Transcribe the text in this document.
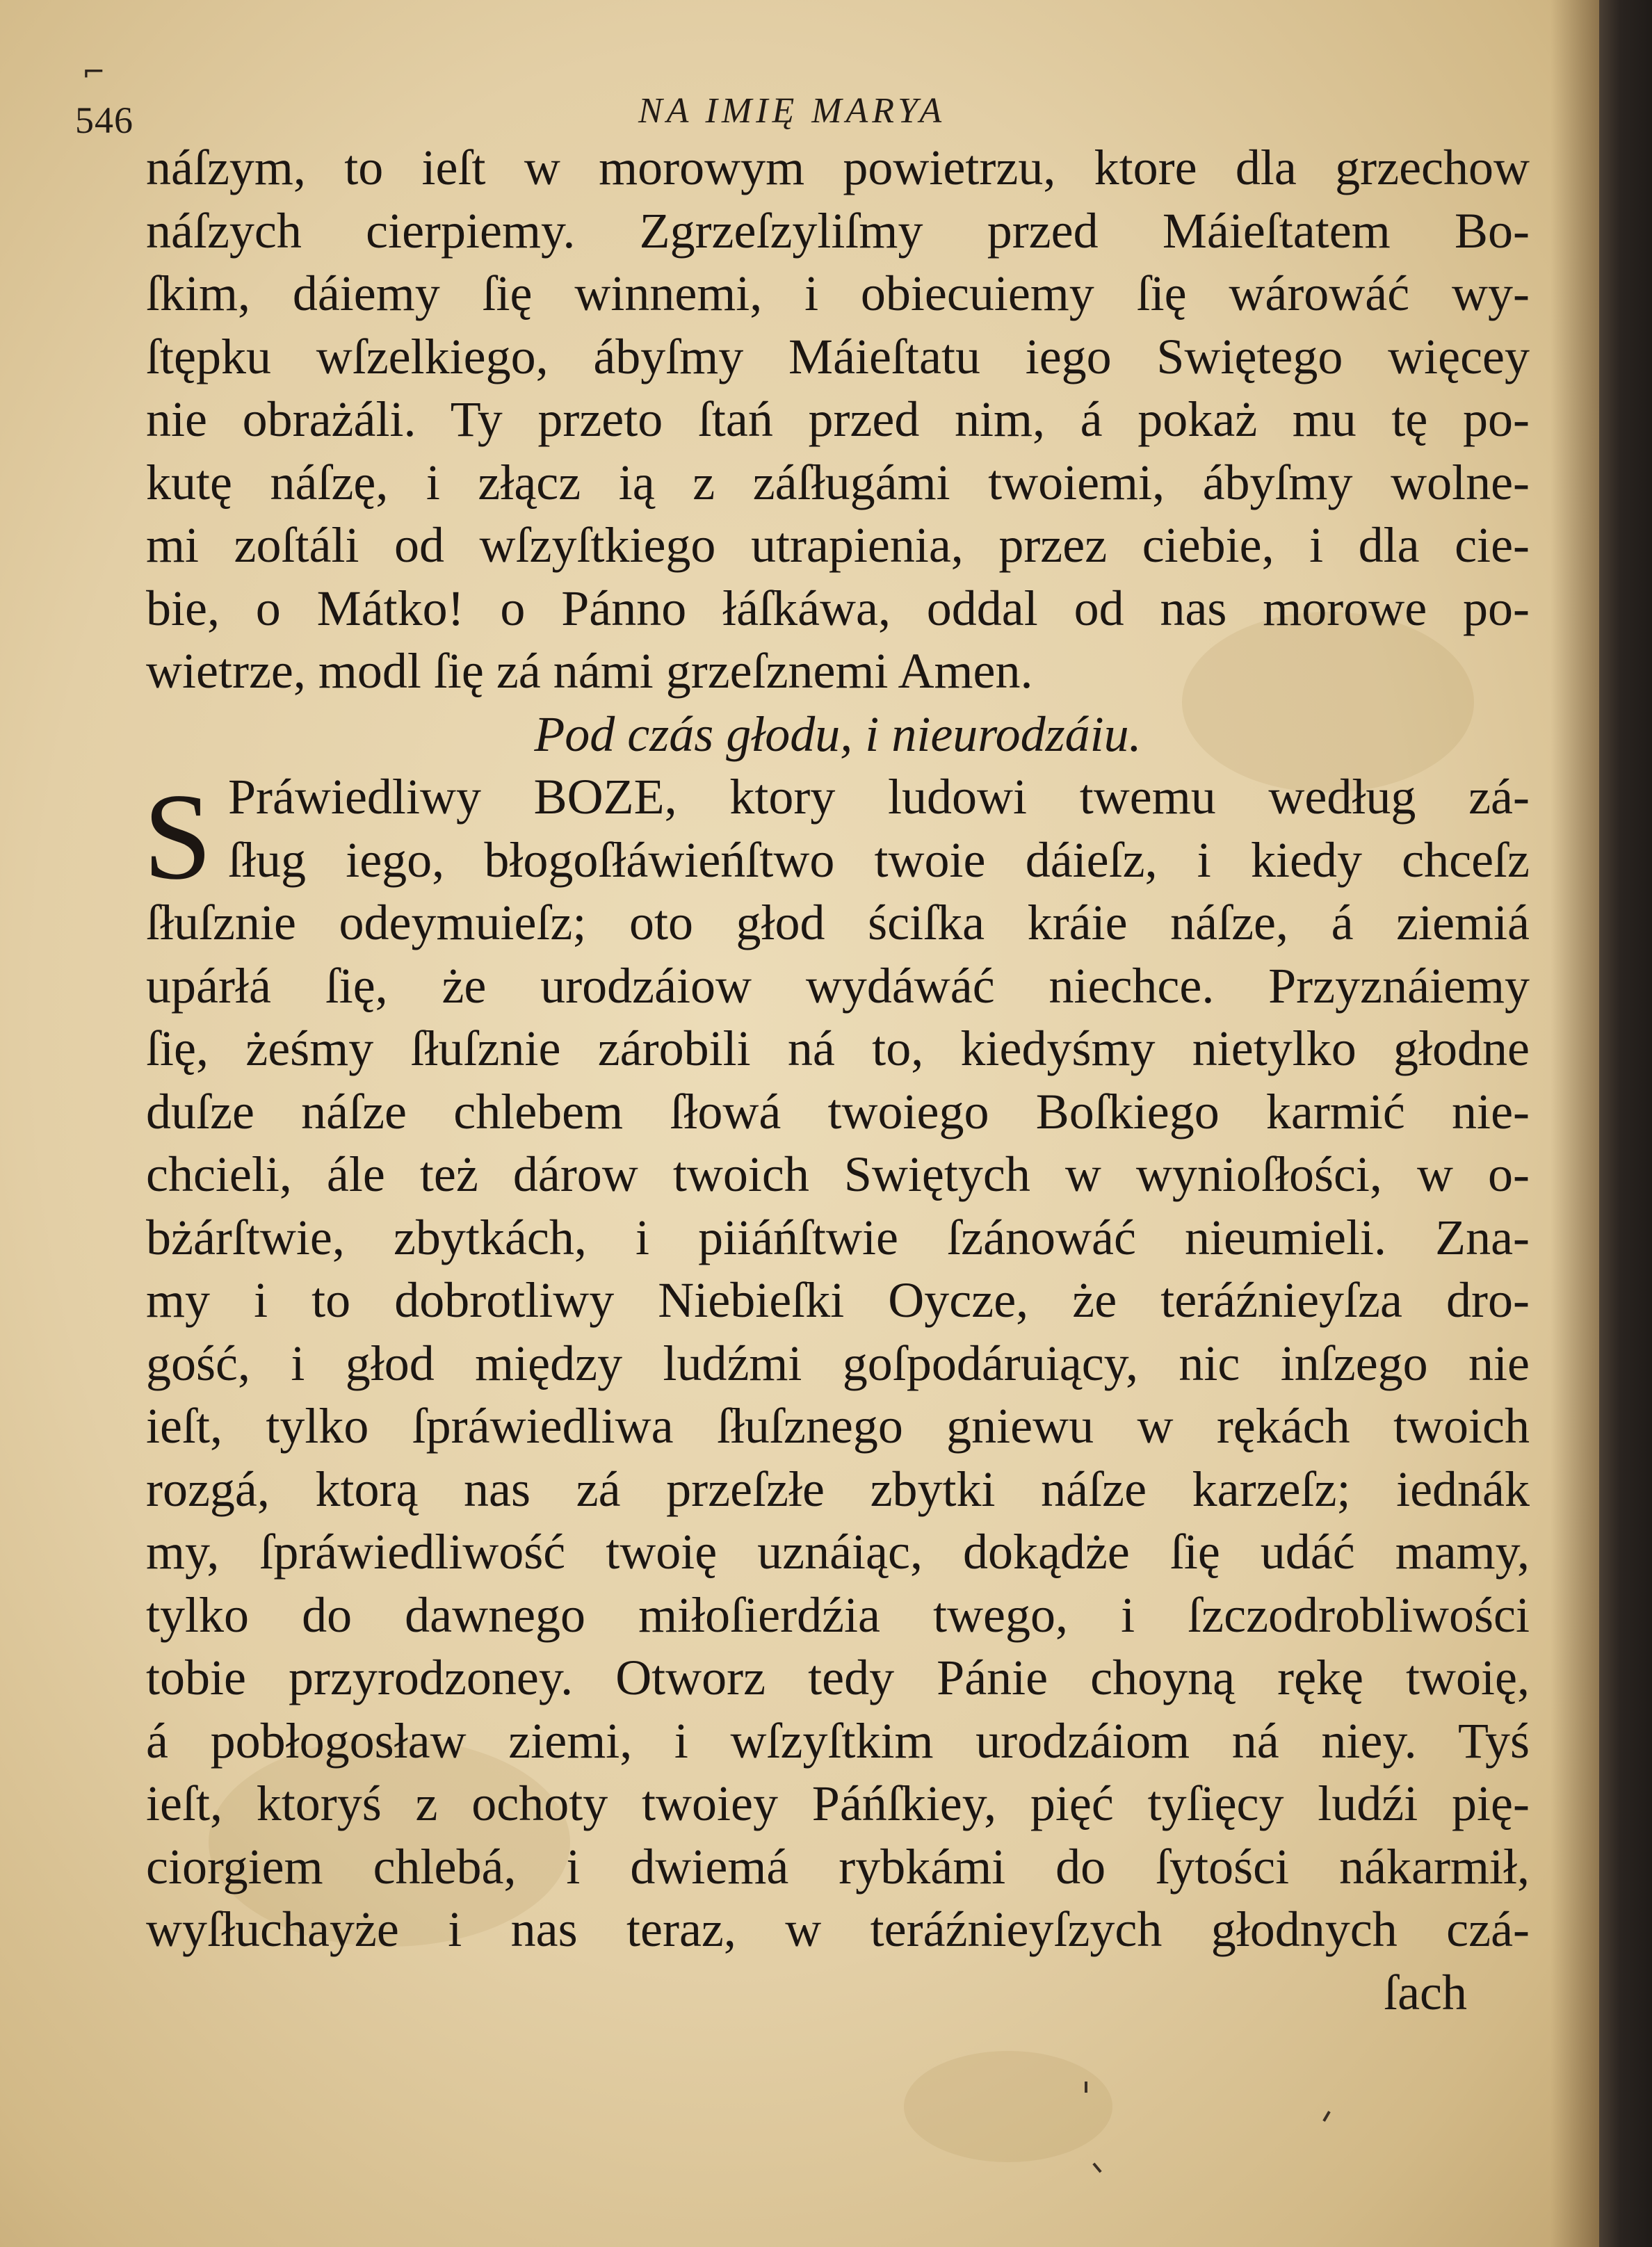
⌐
546	NA IMIĘ MARYA
náſzym, to ieſt w morowym powietrzu, ktore dla grzechow
náſzych cierpiemy. Zgrzeſzyliſmy przed Máieſtatem Bo-
ſkim, dáiemy ſię winnemi, i obiecuiemy ſię wárowáć wy-
ſtępku wſzelkiego, ábyſmy Máieſtatu iego Swiętego więcey
nie obrażáli. Ty przeto ſtań przed nim, á pokaż mu tę po-
kutę náſzę, i złącz ią z záſługámi twoiemi, ábyſmy wolne-
mi zoſtáli od wſzyſtkiego utrapienia, przez ciebie, i dla cie-
bie, o Mátko! o Pánno łáſkáwa, oddal od nas morowe po-
wietrze, modl ſię zá námi grzeſznemi Amen.
Pod czás głodu, i nieurodzáiu.
Práwiedliwy BOZE, ktory ludowi twemu według zá-
ſług iego, błogoſłáwieńſtwo twoie dáieſz, i kiedy chceſz
ſłuſznie odeymuieſz; oto głod ściſka kráie náſze, á ziemiá
upárłá ſię, że urodzáiow wydáwáć niechce. Przyznáiemy
ſię, żeśmy ſłuſznie zárobili ná to, kiedyśmy nietylko głodne
duſze náſze chlebem ſłowá twoiego Boſkiego karmić nie-
chcieli, ále też dárow twoich Swiętych w wynioſłości, w o-
bżárſtwie, zbytkách, i piiáńſtwie ſzánowáć nieumieli. Zna-
my i to dobrotliwy Niebieſki Oycze, że teráźnieyſza dro-
gość, i głod między ludźmi goſpodáruiący, nic inſzego nie
ieſt, tylko ſpráwiedliwa ſłuſznego gniewu w rękách twoich
rozgá, ktorą nas zá przeſzłe zbytki náſze karzeſz; iednák
my, ſpráwiedliwość twoię uznáiąc, dokądże ſię udáć mamy,
tylko do dawnego miłoſierdźia twego, i ſzczodrobliwości
tobie przyrodzoney. Otworz tedy Pánie choyną rękę twoię,
á pobłogosław ziemi, i wſzyſtkim urodzáiom ná niey. Tyś
ieſt, ktoryś z ochoty twoiey Páńſkiey, pięć tyſięcy ludźi pię-
ciorgiem chlebá, i dwiemá rybkámi do ſytości nákarmił,
wyſłuchayże i nas teraz, w teráźnieyſzych głodnych czá-
ſach
S
